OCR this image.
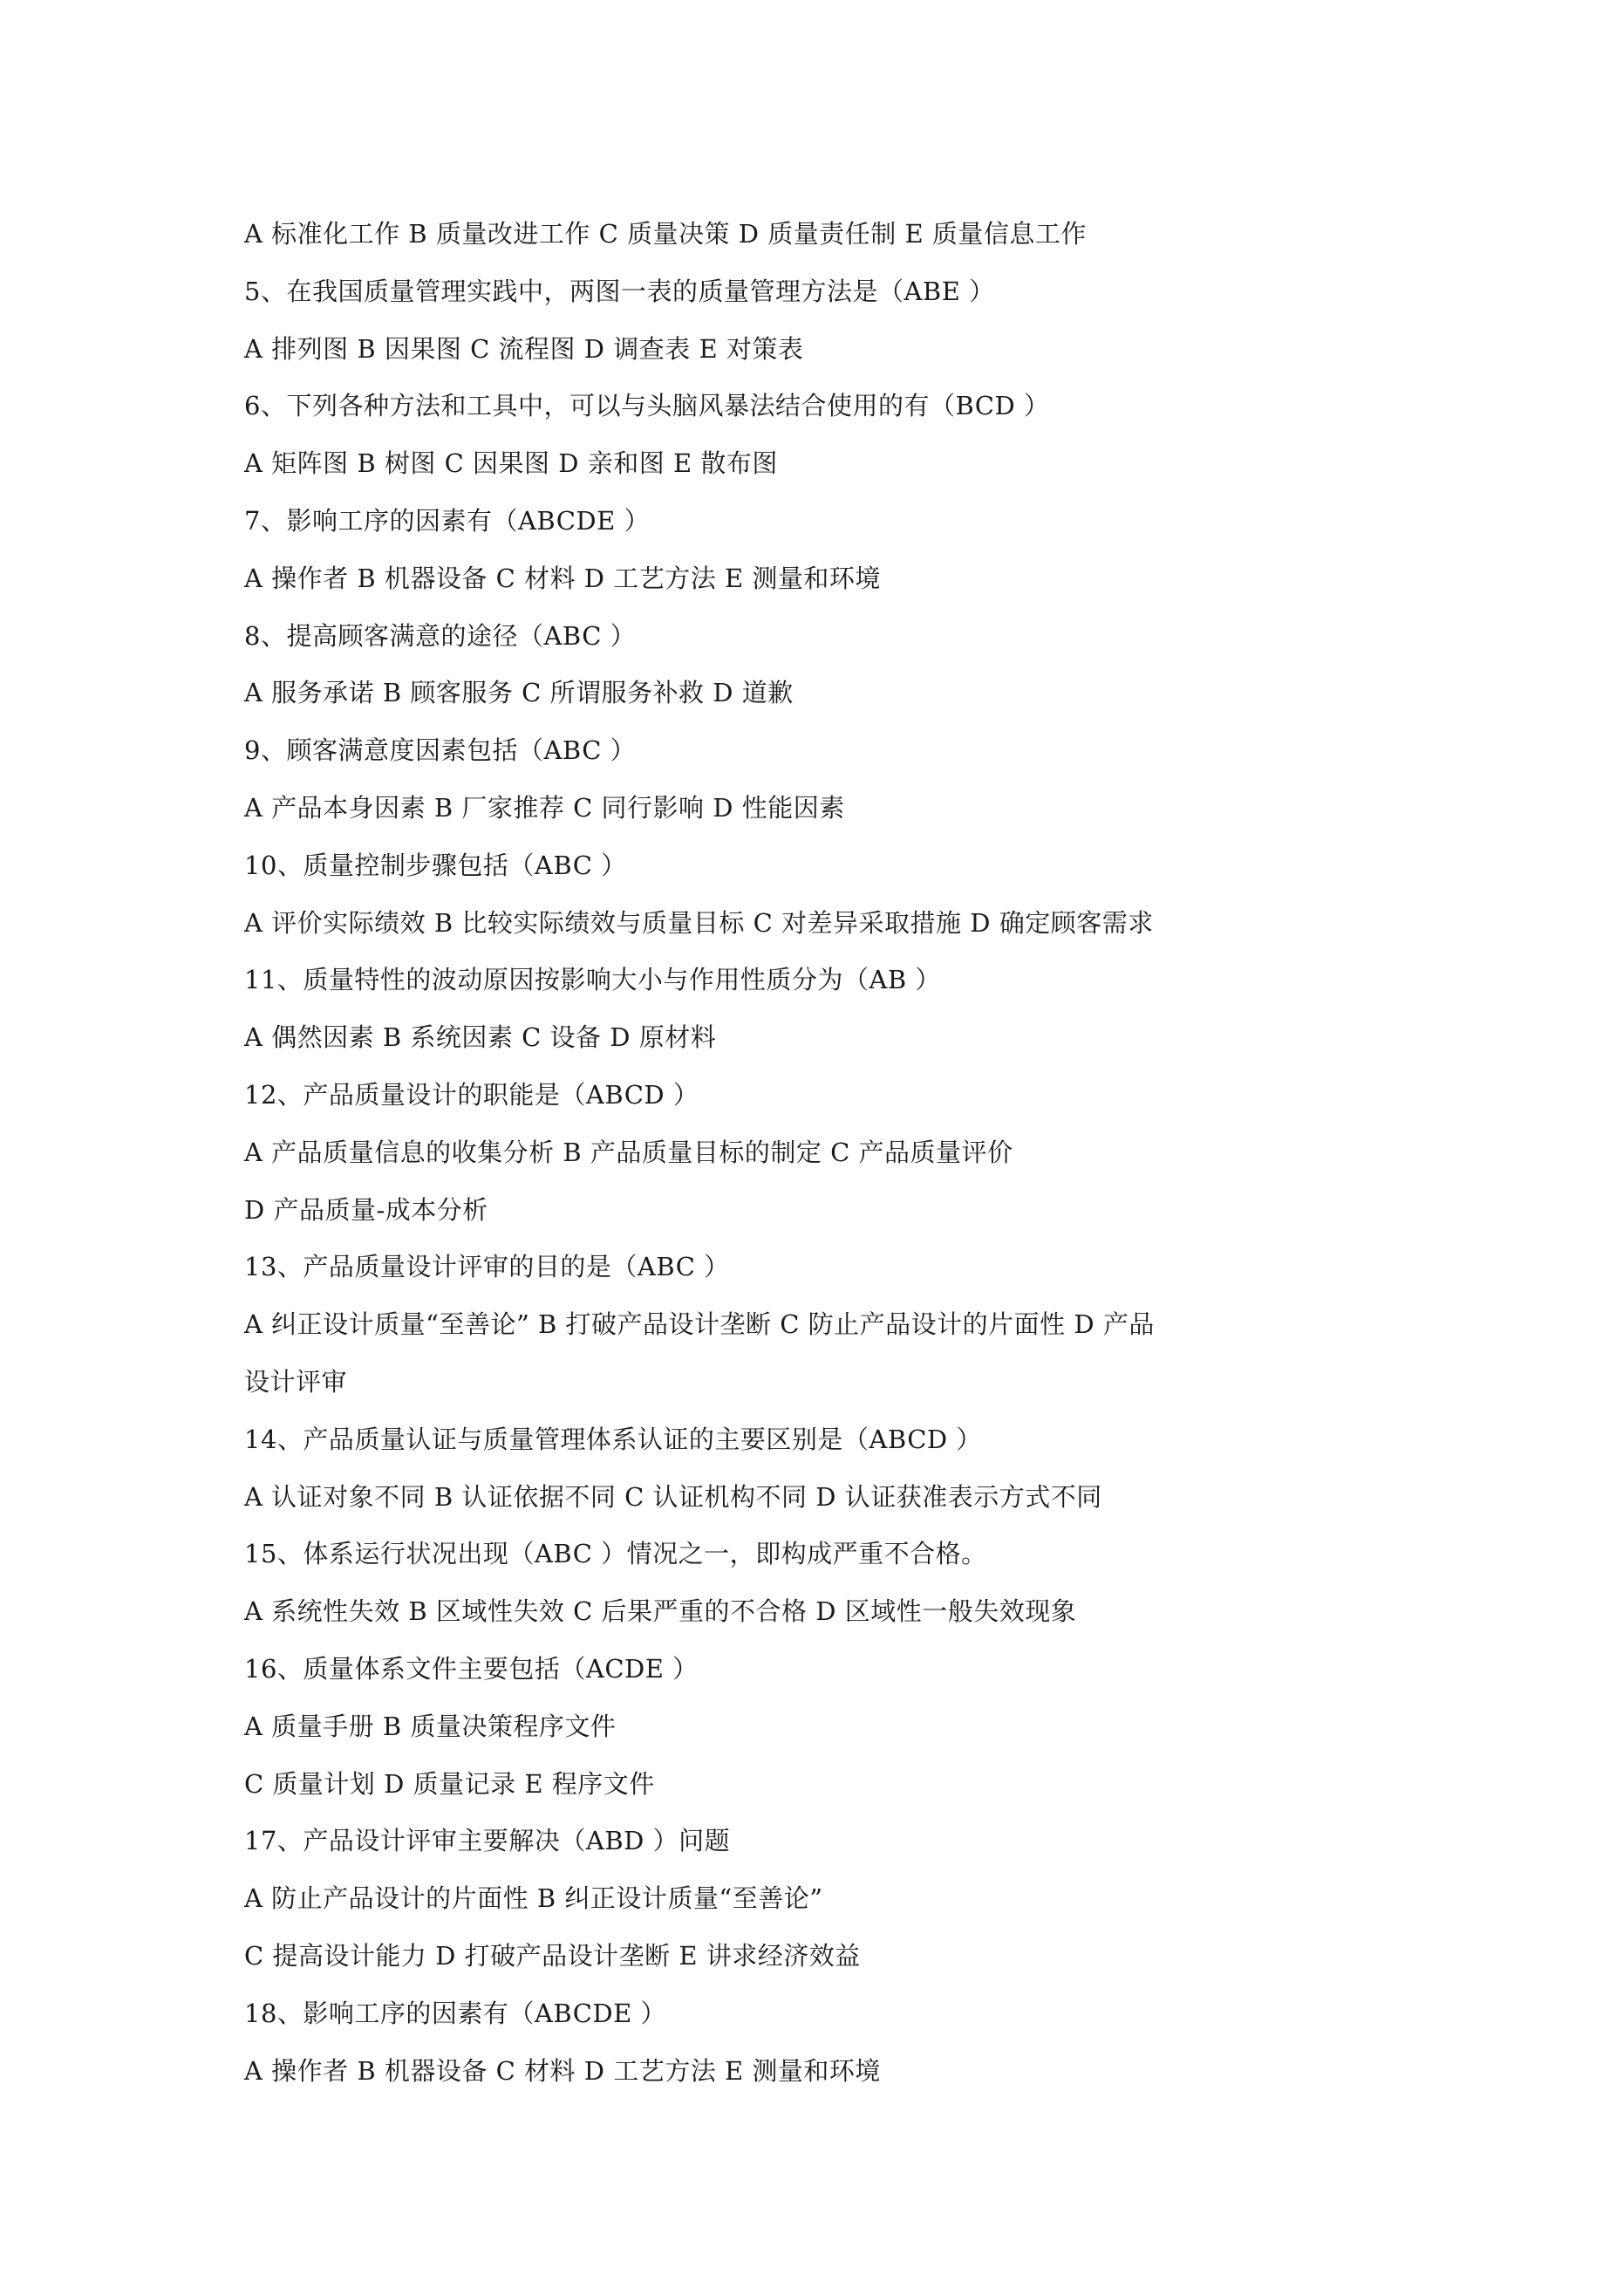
A 标准化工作 B 质量改进工作 C 质量决策 D 质量责任制 E 质量信息工作
5、在我国质量管理实践中，两图一表的质量管理方法是（ABE ）
A 排列图 B 因果图 C 流程图 D 调查表 E 对策表
6、下列各种方法和工具中，可以与头脑风暴法结合使用的有（BCD ）
A 矩阵图 B 树图 C 因果图 D 亲和图 E 散布图
7、影响工序的因素有（ABCDE ）
A 操作者 B 机器设备 C 材料 D 工艺方法 E 测量和环境
8、提高顾客满意的途径（ABC ）
A 服务承诺 B 顾客服务 C 所谓服务补救 D 道歉
9、顾客满意度因素包括（ABC ）
A 产品本身因素 B 厂家推荐 C 同行影响 D 性能因素
10、质量控制步骤包括（ABC ）
A 评价实际绩效 B 比较实际绩效与质量目标 C 对差异采取措施 D 确定顾客需求
11、质量特性的波动原因按影响大小与作用性质分为（AB ）
A 偶然因素 B 系统因素 C 设备 D 原材料
12、产品质量设计的职能是（ABCD ）
A 产品质量信息的收集分析 B 产品质量目标的制定 C 产品质量评价
D 产品质量-成本分析
13、产品质量设计评审的目的是（ABC ）
A 纠正设计质量“至善论” B 打破产品设计垄断 C 防止产品设计的片面性 D 产品
设计评审
14、产品质量认证与质量管理体系认证的主要区别是（ABCD ）
A 认证对象不同 B 认证依据不同 C 认证机构不同 D 认证获准表示方式不同
15、体系运行状况出现（ABC ）情况之一，即构成严重不合格。
A 系统性失效 B 区域性失效 C 后果严重的不合格 D 区域性一般失效现象
16、质量体系文件主要包括（ACDE ）
A 质量手册 B 质量决策程序文件
C 质量计划 D 质量记录 E 程序文件
17、产品设计评审主要解决（ABD ）问题
A 防止产品设计的片面性 B 纠正设计质量“至善论”
C 提高设计能力 D 打破产品设计垄断 E 讲求经济效益
18、影响工序的因素有（ABCDE ）
A 操作者 B 机器设备 C 材料 D 工艺方法 E 测量和环境
